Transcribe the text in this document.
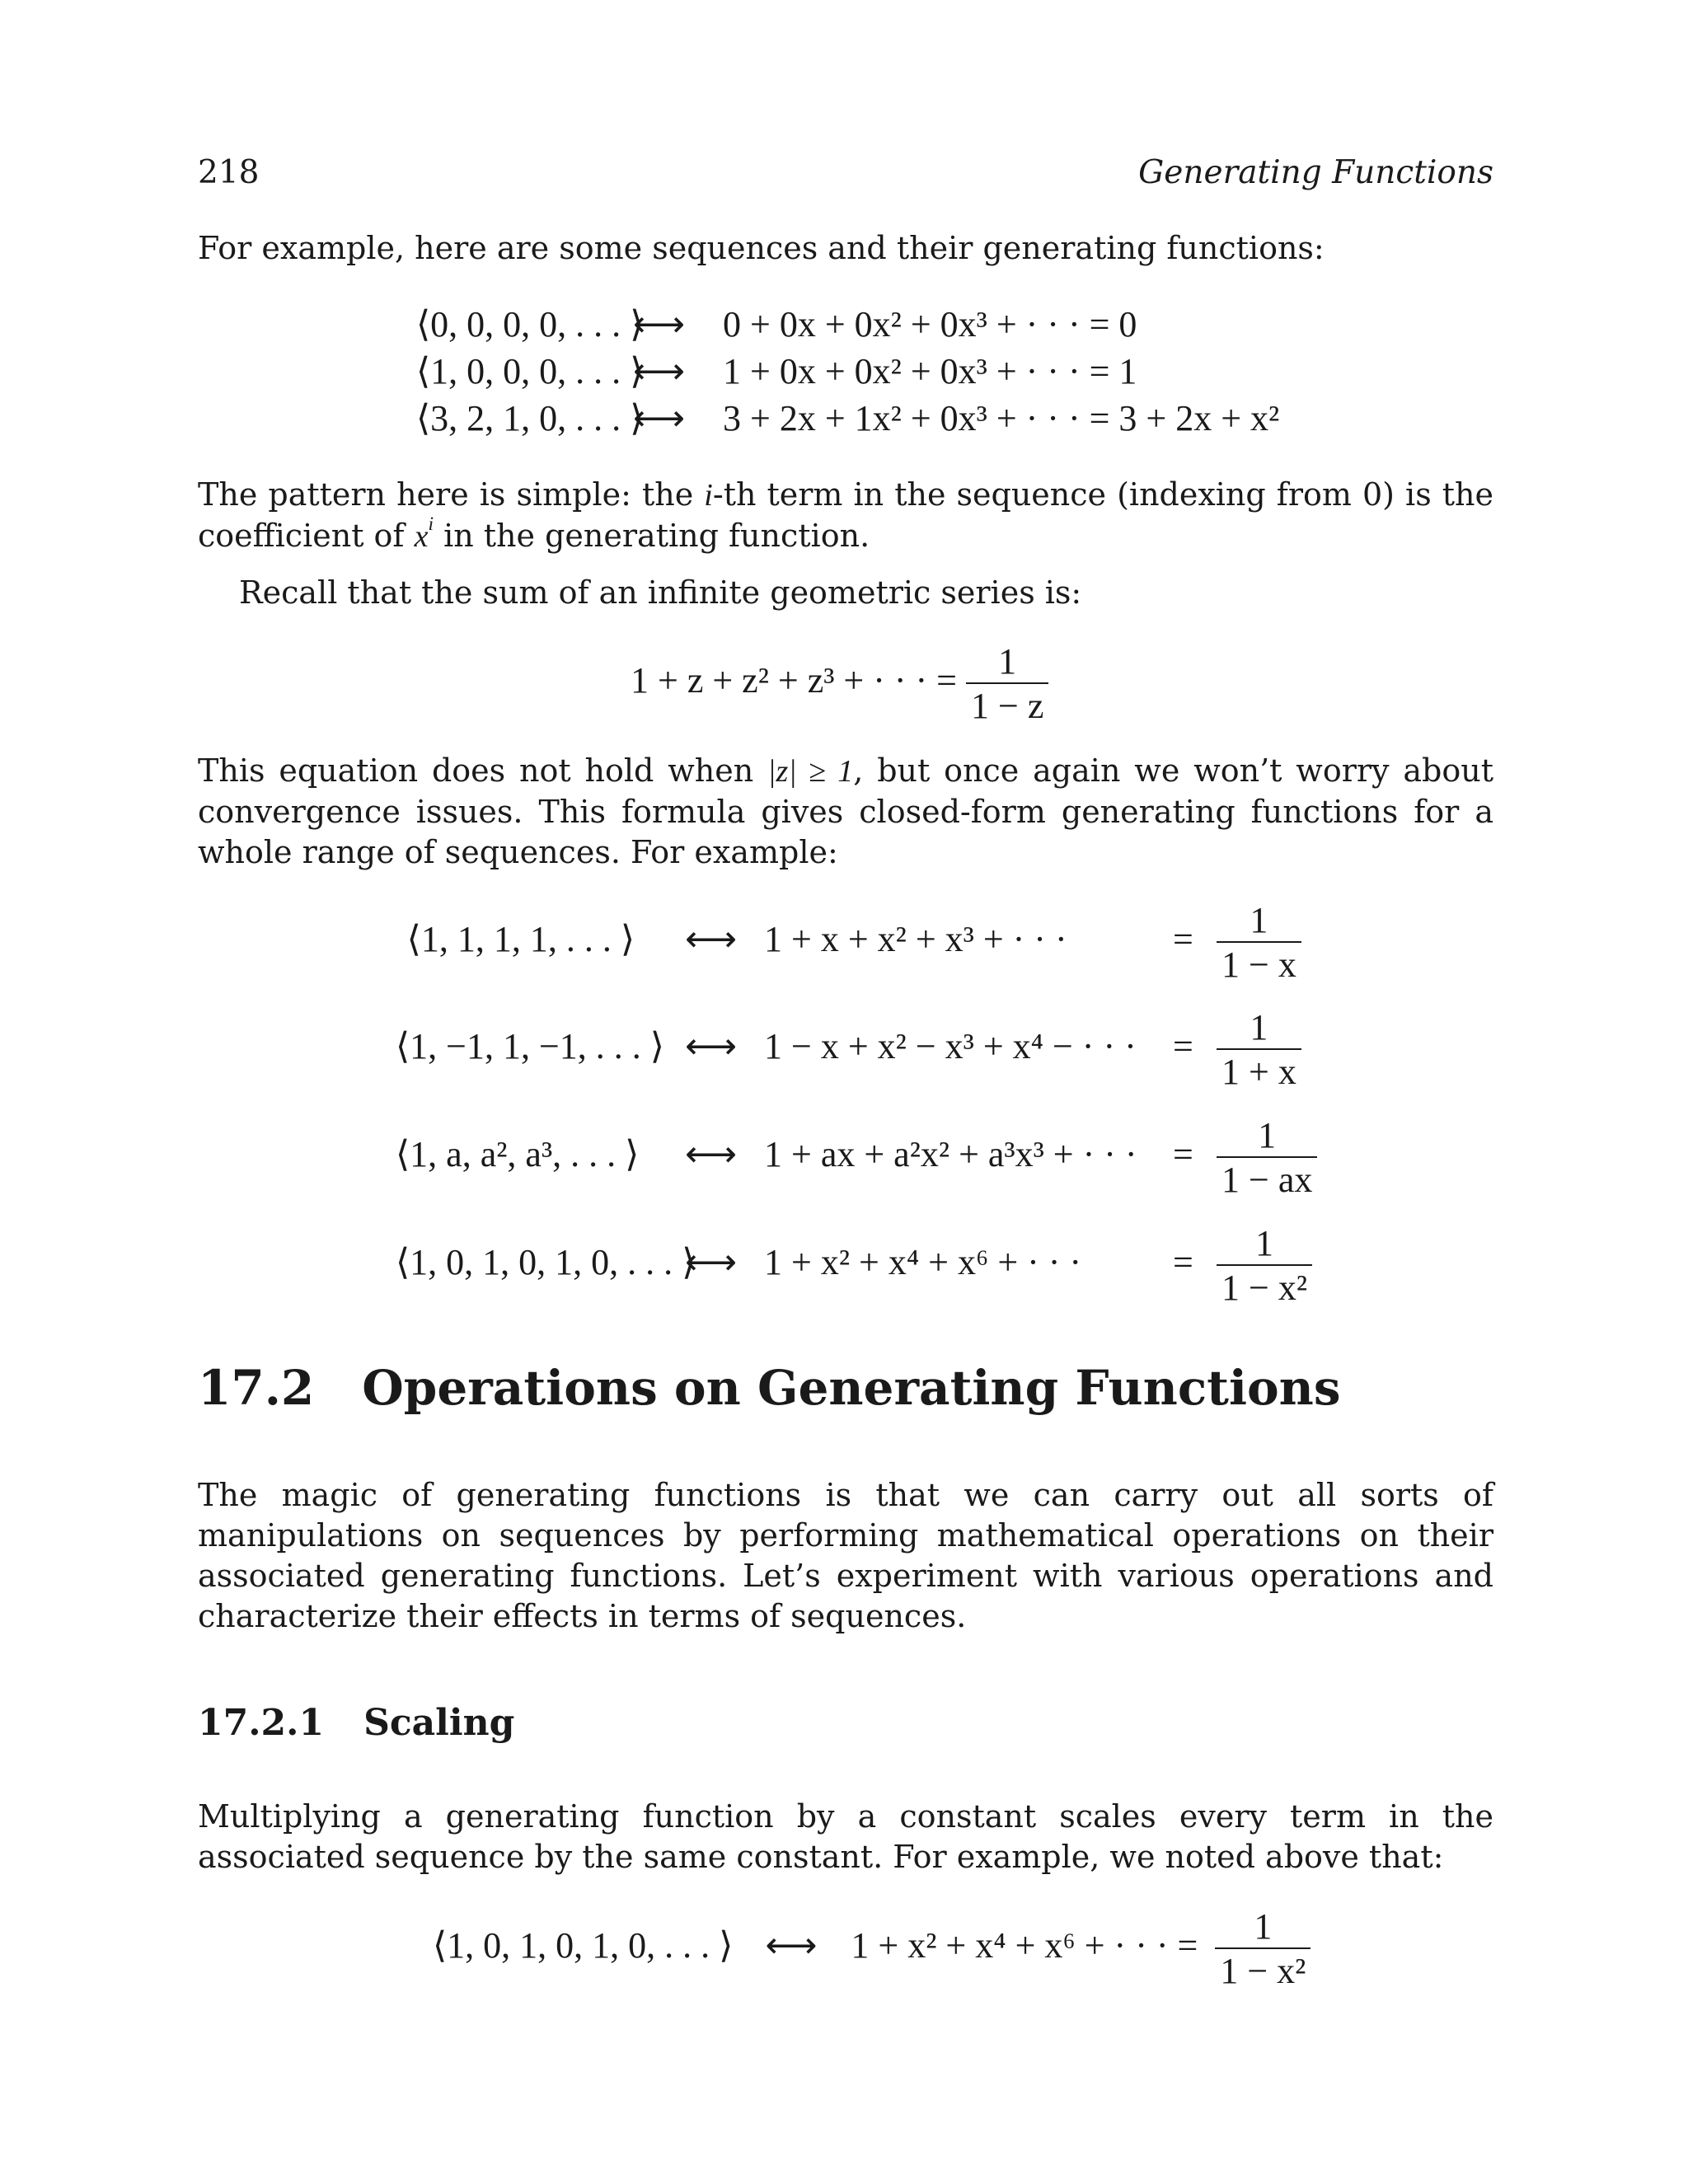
218	Generating Functions
For example, here are some sequences and their generating functions:
⟨0, 0, 0, 0, . . . ⟩ ⟷ 0 + 0x + 0x² + 0x³ + · · · = 0
⟨1, 0, 0, 0, . . . ⟩ ⟷ 1 + 0x + 0x² + 0x³ + · · · = 1
⟨3, 2, 1, 0, . . . ⟩ ⟷ 3 + 2x + 1x² + 0x³ + · · · = 3 + 2x + x²
The pattern here is simple: the i-th term in the sequence (indexing from 0) is the coefficient of $x^i$ in the generating function.
Recall that the sum of an infinite geometric series is:
1 + z + z² + z³ + · · · = $\frac{1}{1 - z}$
This equation does not hold when |z| ≥ 1, but once again we won’t worry about convergence issues. This formula gives closed-form generating functions for a whole range of sequences. For example:
⟨1, 1, 1, 1, . . . ⟩ ⟷ 1 + x + x² + x³ + · · ·	= $\frac{1}{1 - x}$
⟨1, −1, 1, −1, . . . ⟩ ⟷ 1 − x + x² − x³ + x⁴ − · · · = $\frac{1}{1 + x}$
⟨1, a, a², a³, . . . ⟩ ⟷ 1 + ax + a²x² + a³x³ + · · · = $\frac{1}{1 - ax}$
⟨1, 0, 1, 0, 1, 0, . . . ⟩ ⟷ 1 + x² + x⁴ + x⁶ + · · ·	= $\frac{1}{\text{1 − x²}}$
17.2 Operations on Generating Functions
The magic of generating functions is that we can carry out all sorts of manipulations on sequences by performing mathematical operations on their associated generating functions. Let’s experiment with various operations and characterize their effects in terms of sequences.
17.2.1 Scaling
Multiplying a generating function by a constant scales every term in the associated sequence by the same constant. For example, we noted above that:
⟨1, 0, 1, 0, 1, 0, . . . ⟩ ⟷ 1 + x² + x⁴ + x⁶ + · · · = $\frac{1}{\text{1 − x²}}$
